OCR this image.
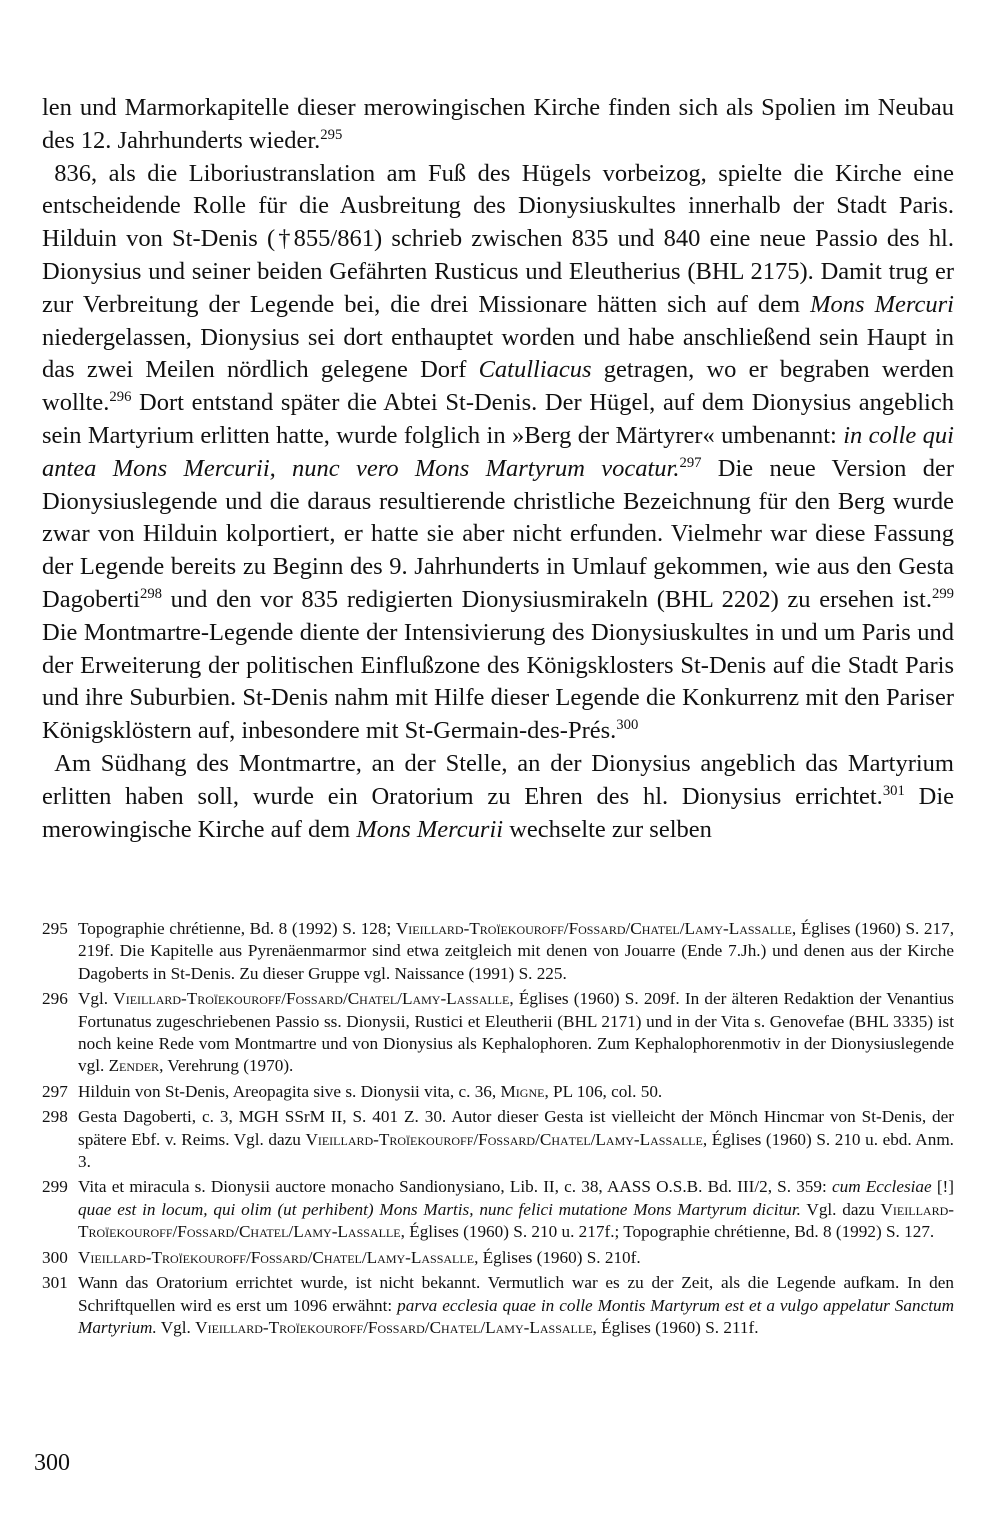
len und Marmorkapitelle dieser merowingischen Kirche finden sich als Spolien im Neubau des 12. Jahrhunderts wieder.$^{295}$

 836, als die Liboriustranslation am Fuß des Hügels vorbeizog, spielte die Kirche eine entscheidende Rolle für die Ausbreitung des Dionysiuskultes innerhalb der Stadt Paris. Hilduin von St-Denis (†855/861) schrieb zwischen 835 und 840 eine neue Passio des hl. Dionysius und seiner beiden Gefährten Rusticus und Eleutherius (BHL 2175). Damit trug er zur Verbreitung der Legende bei, die drei Missionare hätten sich auf dem Mons Mercuri niedergelassen, Dionysius sei dort enthauptet worden und habe anschließend sein Haupt in das zwei Meilen nördlich gelegene Dorf Catulliacus getragen, wo er begraben werden wollte.$^{296}$ Dort entstand später die Abtei St-Denis. Der Hügel, auf dem Dionysius angeblich sein Martyrium erlitten hatte, wurde folglich in »Berg der Märtyrer« umbenannt: in colle qui antea Mons Mercurii, nunc vero Mons Martyrum vocatur.$^{297}$ Die neue Version der Dionysiuslegende und die daraus resultierende christliche Bezeichnung für den Berg wurde zwar von Hilduin kolportiert, er hatte sie aber nicht erfunden. Vielmehr war diese Fassung der Legende bereits zu Beginn des 9. Jahrhunderts in Umlauf gekommen, wie aus den Gesta Dagoberti$^{298}$ und den vor 835 redigierten Dionysiusmirakeln (BHL 2202) zu ersehen ist.$^{299}$ Die Montmartre-Legende diente der Intensivierung des Dionysiuskultes in und um Paris und der Erweiterung der politischen Einflußzone des Königsklosters St-Denis auf die Stadt Paris und ihre Suburbien. St-Denis nahm mit Hilfe dieser Legende die Konkurrenz mit den Pariser Königsklöstern auf, inbesondere mit St-Germain-des-Prés.$^{300}$

 Am Südhang des Montmartre, an der Stelle, an der Dionysius angeblich das Martyrium erlitten haben soll, wurde ein Oratorium zu Ehren des hl. Dionysius errichtet.$^{301}$ Die merowingische Kirche auf dem Mons Mercurii wechselte zur selben

295 Topographie chrétienne, Bd. 8 (1992) S. 128; Vieillard-Troïekouroff/Fossard/Chatel/Lamy-Lassalle, Églises (1960) S. 217, 219f. Die Kapitelle aus Pyrenäenmarmor sind etwa zeitgleich mit denen von Jouarre (Ende 7.Jh.) und denen aus der Kirche Dagoberts in St-Denis. Zu dieser Gruppe vgl. Naissance (1991) S. 225.
296 Vgl. Vieillard-Troïekouroff/Fossard/Chatel/Lamy-Lassalle, Églises (1960) S. 209f. In der älteren Redaktion der Venantius Fortunatus zugeschriebenen Passio ss. Dionysii, Rustici et Eleutherii (BHL 2171) und in der Vita s. Genovefae (BHL 3335) ist noch keine Rede vom Montmartre und von Dionysius als Kephalophoren. Zum Kephalophorenmotiv in der Dionysiuslegende vgl. Zender, Verehrung (1970).
297 Hilduin von St-Denis, Areopagita sive s. Dionysii vita, c. 36, Migne, PL 106, col. 50.
298 Gesta Dagoberti, c. 3, MGH SSrM II, S. 401 Z. 30. Autor dieser Gesta ist vielleicht der Mönch Hincmar von St-Denis, der spätere Ebf. v. Reims. Vgl. dazu Vieillard-Troïekouroff/Fossard/Chatel/Lamy-Lassalle, Églises (1960) S. 210 u. ebd. Anm. 3.
299 Vita et miracula s. Dionysii auctore monacho Sandionysiano, Lib. II, c. 38, AASS O.S.B. Bd. III/2, S. 359: cum Ecclesiae [!] quae est in locum, qui olim (ut perhibent) Mons Martis, nunc felici mutatione Mons Martyrum dicitur. Vgl. dazu Vieillard-Troïekouroff/Fossard/Chatel/Lamy-Lassalle, Églises (1960) S. 210 u. 217f.; Topographie chrétienne, Bd. 8 (1992) S. 127.
300 Vieillard-Troïekouroff/Fossard/Chatel/Lamy-Lassalle, Églises (1960) S. 210f.
301 Wann das Oratorium errichtet wurde, ist nicht bekannt. Vermutlich war es zu der Zeit, als die Legende aufkam. In den Schriftquellen wird es erst um 1096 erwähnt: parva ecclesia quae in colle Montis Martyrum est et a vulgo appelatur Sanctum Martyrium. Vgl. Vieillard-Troïekouroff/Fossard/Chatel/Lamy-Lassalle, Églises (1960) S. 211f.
300
